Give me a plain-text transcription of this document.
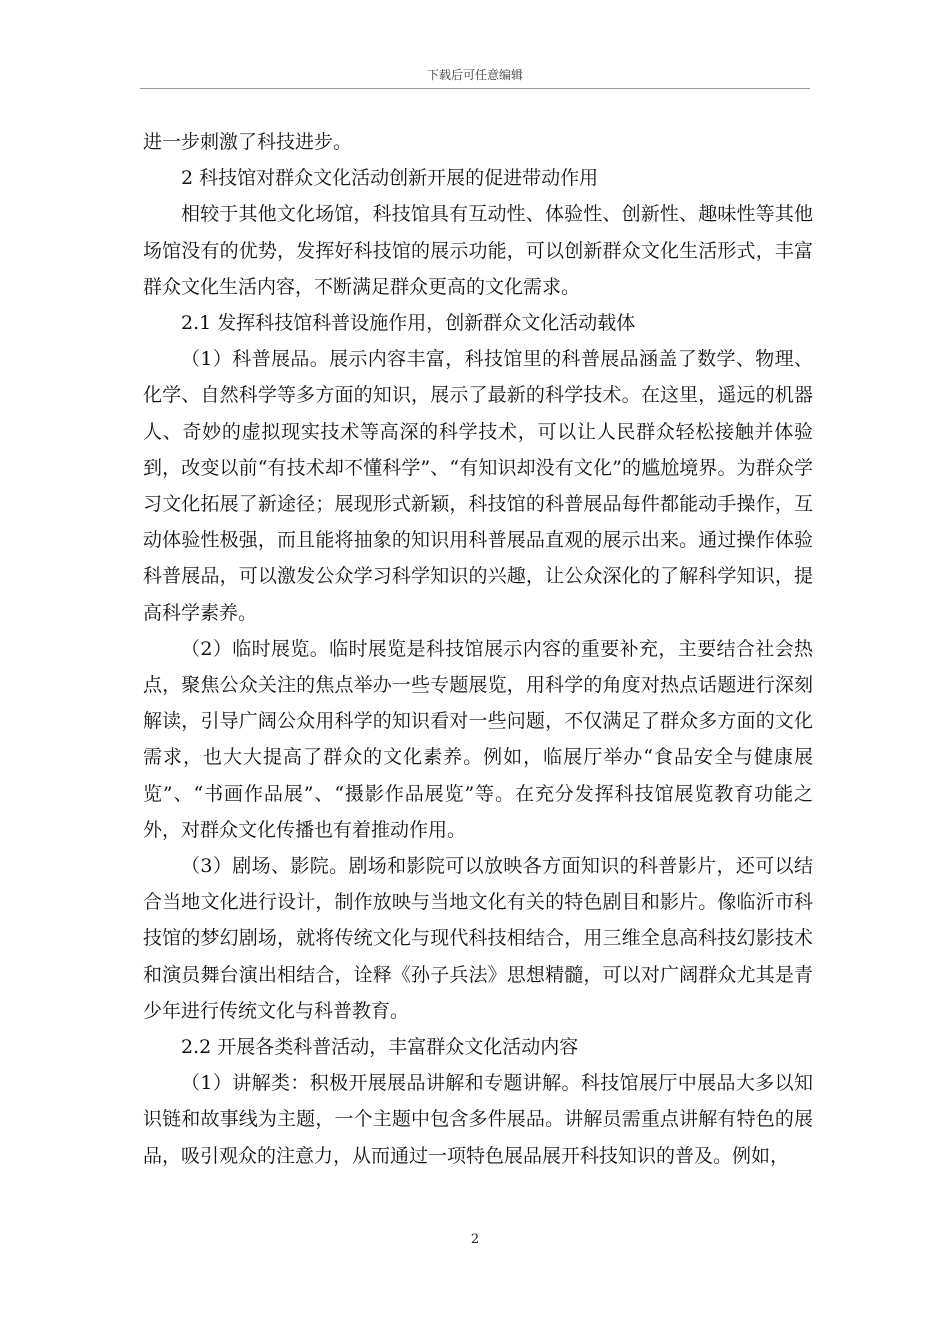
下载后可任意编辑

进一步刺激了科技进步。

2 科技馆对群众文化活动创新开展的促进带动作用

相较于其他文化场馆，科技馆具有互动性、体验性、创新性、趣味性等其他场馆没有的优势，发挥好科技馆的展示功能，可以创新群众文化生活形式，丰富群众文化生活内容，不断满足群众更高的文化需求。

2.1 发挥科技馆科普设施作用，创新群众文化活动载体

（1）科普展品。展示内容丰富，科技馆里的科普展品涵盖了数学、物理、化学、自然科学等多方面的知识，展示了最新的科学技术。在这里，遥远的机器人、奇妙的虚拟现实技术等高深的科学技术，可以让人民群众轻松接触并体验到，改变以前“有技术却不懂科学”、“有知识却没有文化”的尴尬境界。为群众学习文化拓展了新途径；展现形式新颖，科技馆的科普展品每件都能动手操作，互动体验性极强，而且能将抽象的知识用科普展品直观的展示出来。通过操作体验科普展品，可以激发公众学习科学知识的兴趣，让公众深化的了解科学知识，提高科学素养。

（2）临时展览。临时展览是科技馆展示内容的重要补充，主要结合社会热点，聚焦公众关注的焦点举办一些专题展览，用科学的角度对热点话题进行深刻解读，引导广阔公众用科学的知识看对一些问题，不仅满足了群众多方面的文化需求，也大大提高了群众的文化素养。例如，临展厅举办“食品安全与健康展览”、“书画作品展”、“摄影作品展览”等。在充分发挥科技馆展览教育功能之外，对群众文化传播也有着推动作用。

（3）剧场、影院。剧场和影院可以放映各方面知识的科普影片，还可以结合当地文化进行设计，制作放映与当地文化有关的特色剧目和影片。像临沂市科技馆的梦幻剧场，就将传统文化与现代科技相结合，用三维全息高科技幻影技术和演员舞台演出相结合，诠释《孙子兵法》思想精髓，可以对广阔群众尤其是青少年进行传统文化与科普教育。

2.2 开展各类科普活动，丰富群众文化活动内容

（1）讲解类：积极开展展品讲解和专题讲解。科技馆展厅中展品大多以知识链和故事线为主题，一个主题中包含多件展品。讲解员需重点讲解有特色的展品，吸引观众的注意力，从而通过一项特色展品展开科技知识的普及。例如，

2
